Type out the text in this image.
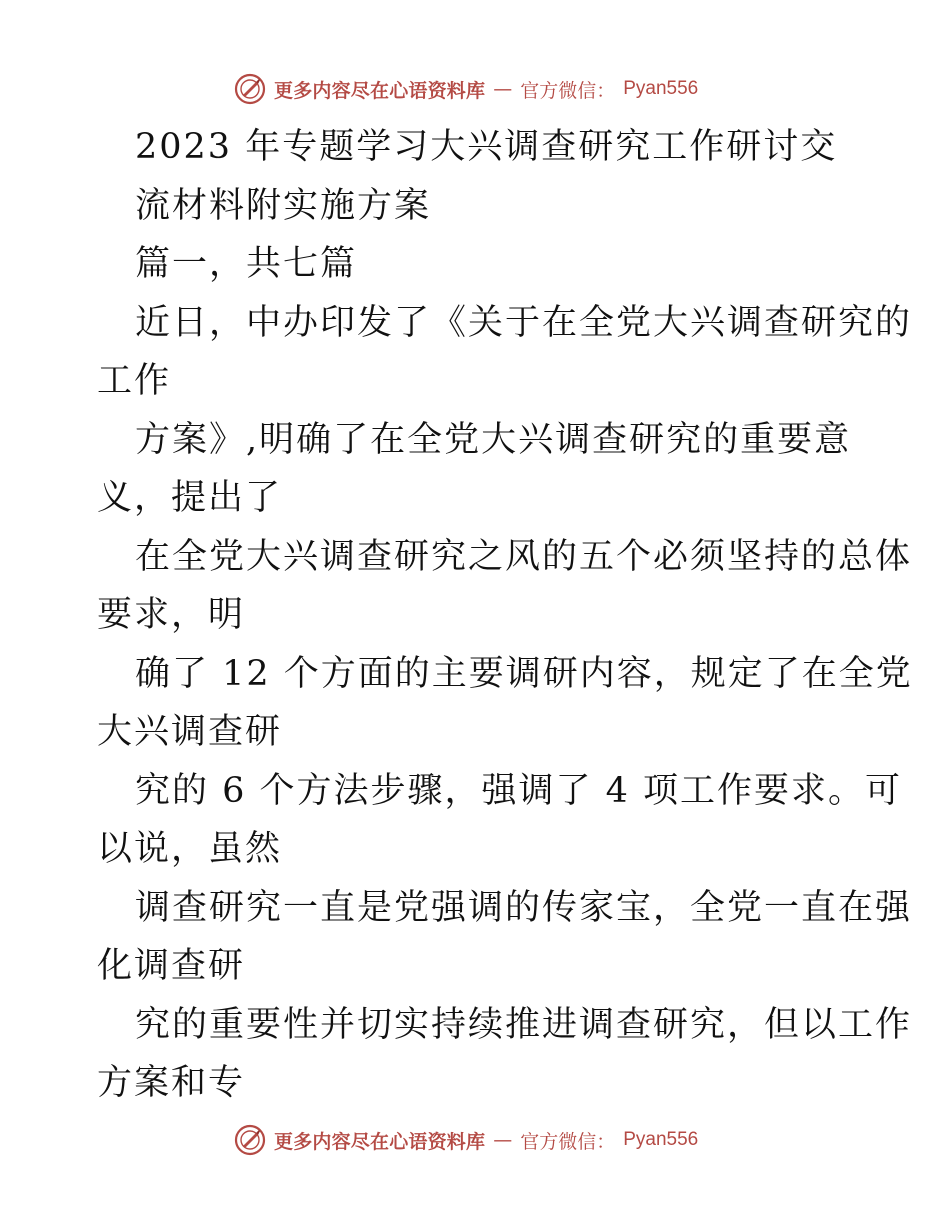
更多内容尽在心语资料库 — 官方微信： Pyan556
2023 年专题学习大兴调查研究工作研讨交
流材料附实施方案
篇一，共七篇
近日，中办印发了《关于在全党大兴调查研究的
工作
方案》,明确了在全党大兴调查研究的重要意
义，提出了
在全党大兴调查研究之风的五个必须坚持的总体
要求，明
确了 12 个方面的主要调研内容，规定了在全党
大兴调查研
究的 6 个方法步骤，强调了 4 项工作要求。可
以说，虽然
调查研究一直是党强调的传家宝，全党一直在强
化调查研
究的重要性并切实持续推进调查研究，但以工作
方案和专
更多内容尽在心语资料库 — 官方微信： Pyan556
